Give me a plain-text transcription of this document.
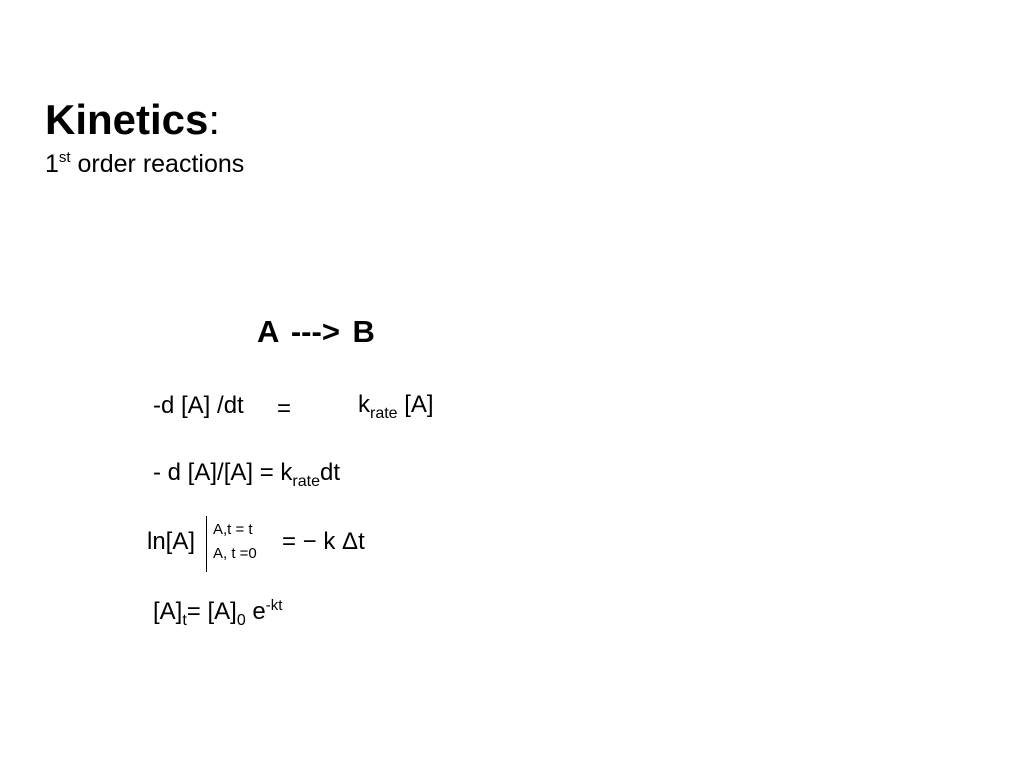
Kinetics:
1st order reactions
A ---> B
-d [A] /dt =	$k_{rate}$ [A]
- d $[A]/[A] = k_{rate}dt$
ln[A] A,t = t
A, t =0 = − k Δt
$[A]_t= [A]_0$ $e^{-kt}$
